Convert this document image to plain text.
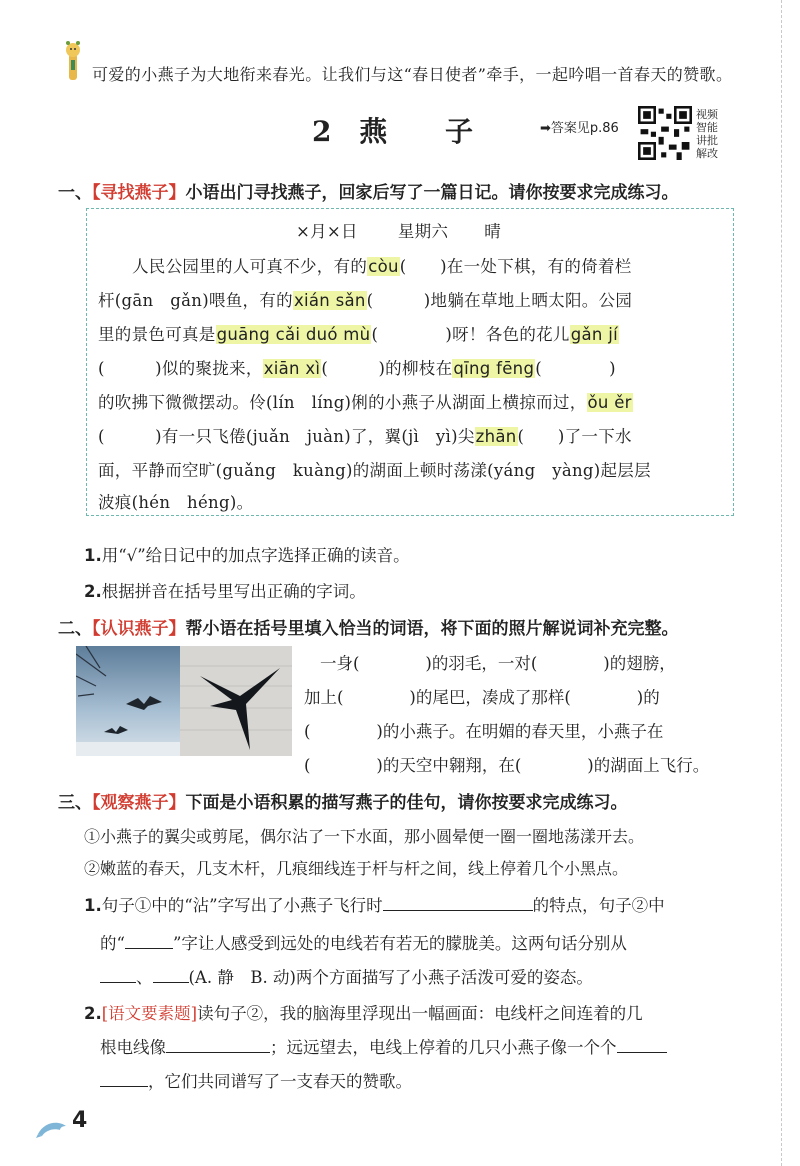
可爱的小燕子为大地衔来春光。让我们与这“春日使者”牵手，一起吟唱一首春天的赞歌。
2 燕 子	➡答案见p.86
视频
智能
讲批
解改
一、【寻找燕子】小语出门寻找燕子，回家后写了一篇日记。请你按要求完成练习。
×月×日 星期六 晴
人民公园里的人可真不少，有的còu(　　)在一处下棋，有的倚着栏
杆(gān　gǎn)喂鱼，有的xián sǎn(　　　)地躺在草地上晒太阳。公园
里的景色可真是guāng cǎi duó mù(　　　　)呀！各色的花儿gǎn jí
(　　　)似的聚拢来，xiān xì(　　　)的柳枝在qīng fēng(　　　　)
的吹拂下微微摆动。伶(lín　líng)俐的小燕子从湖面上横掠而过，ǒu ěr
(　　　)有一只飞倦(juǎn　juàn)了，翼(jì　yì)尖zhān(　　)了一下水
面，平静而空旷(guǎng　kuàng)的湖面上顿时荡漾(yáng　yàng)起层层
波痕(hén　héng)。
1.用“√”给日记中的加点字选择正确的读音。
2.根据拼音在括号里写出正确的字词。
二、【认识燕子】帮小语在括号里填入恰当的词语，将下面的照片解说词补充完整。
一身(　　　　)的羽毛，一对(　　　　)的翅膀，
加上(　　　　)的尾巴，凑成了那样(　　　　)的
(　　　　)的小燕子。在明媚的春天里，小燕子在
(　　　　)的天空中翱翔，在(　　　　)的湖面上飞行。
三、【观察燕子】下面是小语积累的描写燕子的佳句，请你按要求完成练习。
①小燕子的翼尖或剪尾，偶尔沾了一下水面，那小圆晕便一圈一圈地荡漾开去。
②嫩蓝的春天，几支木杆，几痕细线连于杆与杆之间，线上停着几个小黑点。
1.句子①中的“沾”字写出了小燕子飞行时	的特点，句子②中
的“	”字让人感受到远处的电线若有若无的朦胧美。这两句话分别从
、 (A. 静　B. 动)两个方面描写了小燕子活泼可爱的姿态。
2.[语文要素题]读句子②，我的脑海里浮现出一幅画面：电线杆之间连着的几
根电线像	；远远望去，电线上停着的几只小燕子像一个个
，它们共同谱写了一支春天的赞歌。
4
